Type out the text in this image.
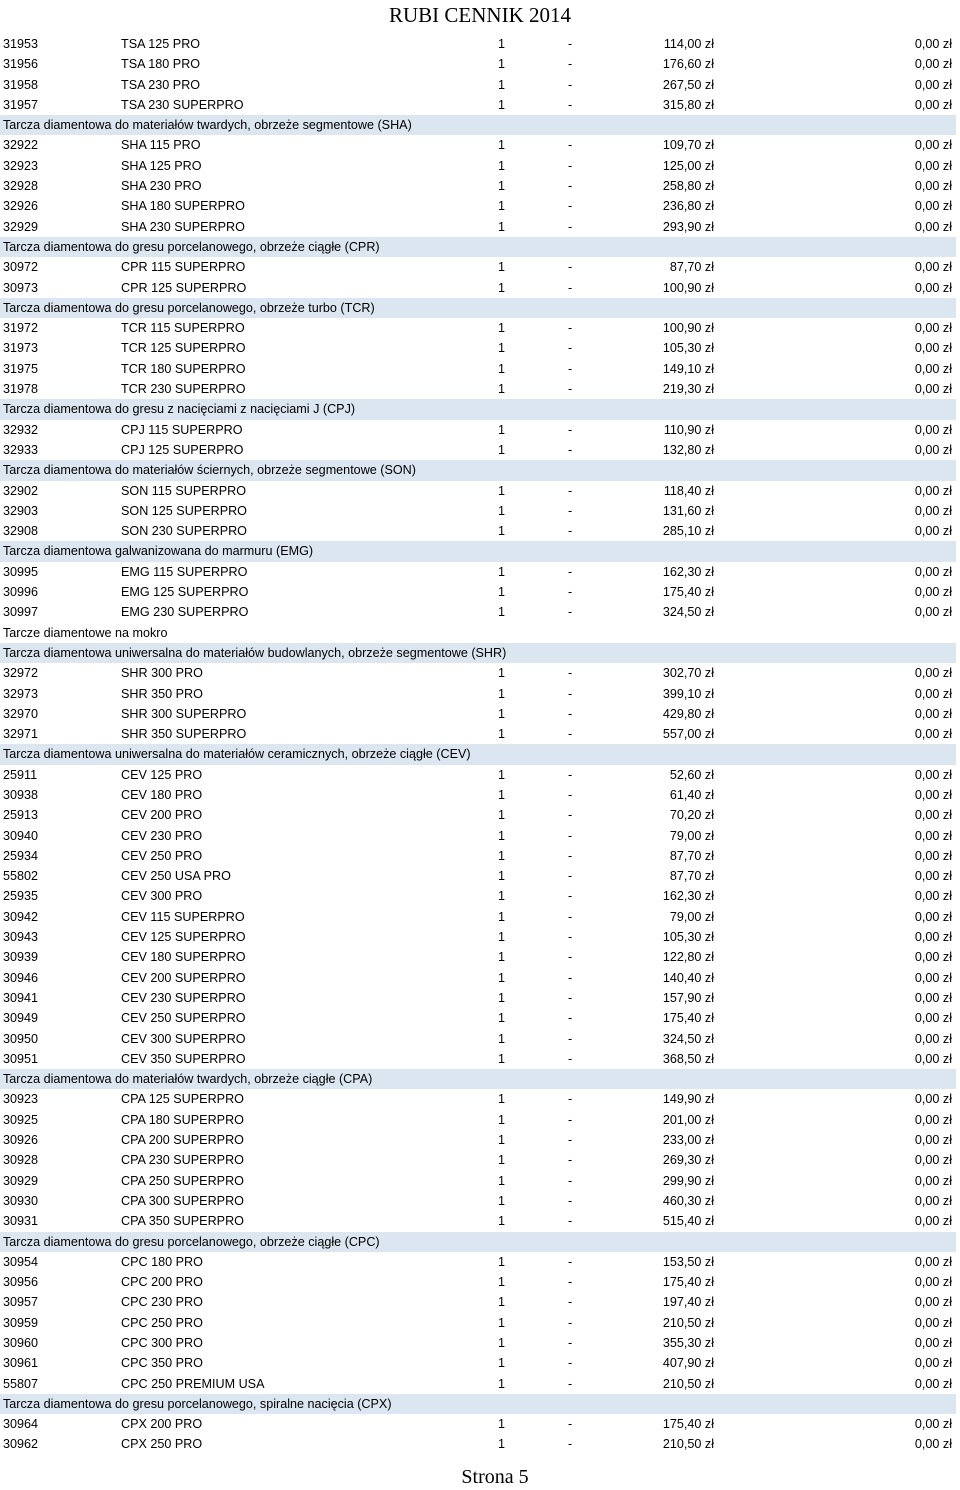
RUBI CENNIK 2014
31953	TSA 125 PRO	1	-	114,00 zł	0,00 zł
31956	TSA 180 PRO	1	-	176,60 zł	0,00 zł
31958	TSA 230 PRO	1	-	267,50 zł	0,00 zł
31957	TSA 230 SUPERPRO	1	-	315,80 zł	0,00 zł
Tarcza diamentowa do materiałów twardych, obrzeże segmentowe (SHA)
32922	SHA 115 PRO	1	-	109,70 zł	0,00 zł
32923	SHA 125 PRO	1	-	125,00 zł	0,00 zł
32928	SHA 230 PRO	1	-	258,80 zł	0,00 zł
32926	SHA 180 SUPERPRO	1	-	236,80 zł	0,00 zł
32929	SHA 230 SUPERPRO	1	-	293,90 zł	0,00 zł
Tarcza diamentowa do gresu porcelanowego, obrzeże ciągłe (CPR)
30972	CPR 115 SUPERPRO	1	-	87,70 zł	0,00 zł
30973	CPR 125 SUPERPRO	1	-	100,90 zł	0,00 zł
Tarcza diamentowa do gresu porcelanowego, obrzeże turbo (TCR)
31972	TCR 115 SUPERPRO	1	-	100,90 zł	0,00 zł
31973	TCR 125 SUPERPRO	1	-	105,30 zł	0,00 zł
31975	TCR 180 SUPERPRO	1	-	149,10 zł	0,00 zł
31978	TCR 230 SUPERPRO	1	-	219,30 zł	0,00 zł
Tarcza diamentowa do gresu z nacięciami z nacięciami J (CPJ)
32932	CPJ 115 SUPERPRO	1	-	110,90 zł	0,00 zł
32933	CPJ 125 SUPERPRO	1	-	132,80 zł	0,00 zł
Tarcza diamentowa do materiałów ściernych, obrzeże segmentowe (SON)
32902	SON 115 SUPERPRO	1	-	118,40 zł	0,00 zł
32903	SON 125 SUPERPRO	1	-	131,60 zł	0,00 zł
32908	SON 230 SUPERPRO	1	-	285,10 zł	0,00 zł
Tarcza diamentowa galwanizowana do marmuru (EMG)
30995	EMG 115 SUPERPRO	1	-	162,30 zł	0,00 zł
30996	EMG 125 SUPERPRO	1	-	175,40 zł	0,00 zł
30997	EMG 230 SUPERPRO	1	-	324,50 zł	0,00 zł
Tarcze diamentowe na mokro
Tarcza diamentowa uniwersalna do materiałów budowlanych, obrzeże segmentowe (SHR)
32972	SHR 300 PRO	1	-	302,70 zł	0,00 zł
32973	SHR 350 PRO	1	-	399,10 zł	0,00 zł
32970	SHR 300 SUPERPRO	1	-	429,80 zł	0,00 zł
32971	SHR 350 SUPERPRO	1	-	557,00 zł	0,00 zł
Tarcza diamentowa uniwersalna do materiałów ceramicznych, obrzeże ciągłe (CEV)
25911	CEV 125 PRO	1	-	52,60 zł	0,00 zł
30938	CEV 180 PRO	1	-	61,40 zł	0,00 zł
25913	CEV 200 PRO	1	-	70,20 zł	0,00 zł
30940	CEV 230 PRO	1	-	79,00 zł	0,00 zł
25934	CEV 250 PRO	1	-	87,70 zł	0,00 zł
55802	CEV 250 USA PRO	1	-	87,70 zł	0,00 zł
25935	CEV 300 PRO	1	-	162,30 zł	0,00 zł
30942	CEV 115 SUPERPRO	1	-	79,00 zł	0,00 zł
30943	CEV 125 SUPERPRO	1	-	105,30 zł	0,00 zł
30939	CEV 180 SUPERPRO	1	-	122,80 zł	0,00 zł
30946	CEV 200 SUPERPRO	1	-	140,40 zł	0,00 zł
30941	CEV 230 SUPERPRO	1	-	157,90 zł	0,00 zł
30949	CEV 250 SUPERPRO	1	-	175,40 zł	0,00 zł
30950	CEV 300 SUPERPRO	1	-	324,50 zł	0,00 zł
30951	CEV 350 SUPERPRO	1	-	368,50 zł	0,00 zł
Tarcza diamentowa do materiałów twardych, obrzeże ciągłe (CPA)
30923	CPA 125 SUPERPRO	1	-	149,90 zł	0,00 zł
30925	CPA 180 SUPERPRO	1	-	201,00 zł	0,00 zł
30926	CPA 200 SUPERPRO	1	-	233,00 zł	0,00 zł
30928	CPA 230 SUPERPRO	1	-	269,30 zł	0,00 zł
30929	CPA 250 SUPERPRO	1	-	299,90 zł	0,00 zł
30930	CPA 300 SUPERPRO	1	-	460,30 zł	0,00 zł
30931	CPA 350 SUPERPRO	1	-	515,40 zł	0,00 zł
Tarcza diamentowa do gresu porcelanowego, obrzeże ciągłe (CPC)
30954	CPC 180 PRO	1	-	153,50 zł	0,00 zł
30956	CPC 200 PRO	1	-	175,40 zł	0,00 zł
30957	CPC 230 PRO	1	-	197,40 zł	0,00 zł
30959	CPC 250 PRO	1	-	210,50 zł	0,00 zł
30960	CPC 300 PRO	1	-	355,30 zł	0,00 zł
30961	CPC 350 PRO	1	-	407,90 zł	0,00 zł
55807	CPC 250 PREMIUM USA	1	-	210,50 zł	0,00 zł
Tarcza diamentowa do gresu porcelanowego, spiralne nacięcia (CPX)
30964	CPX 200 PRO	1	-	175,40 zł	0,00 zł
30962	CPX 250 PRO	1	-	210,50 zł	0,00 zł
Strona 5
